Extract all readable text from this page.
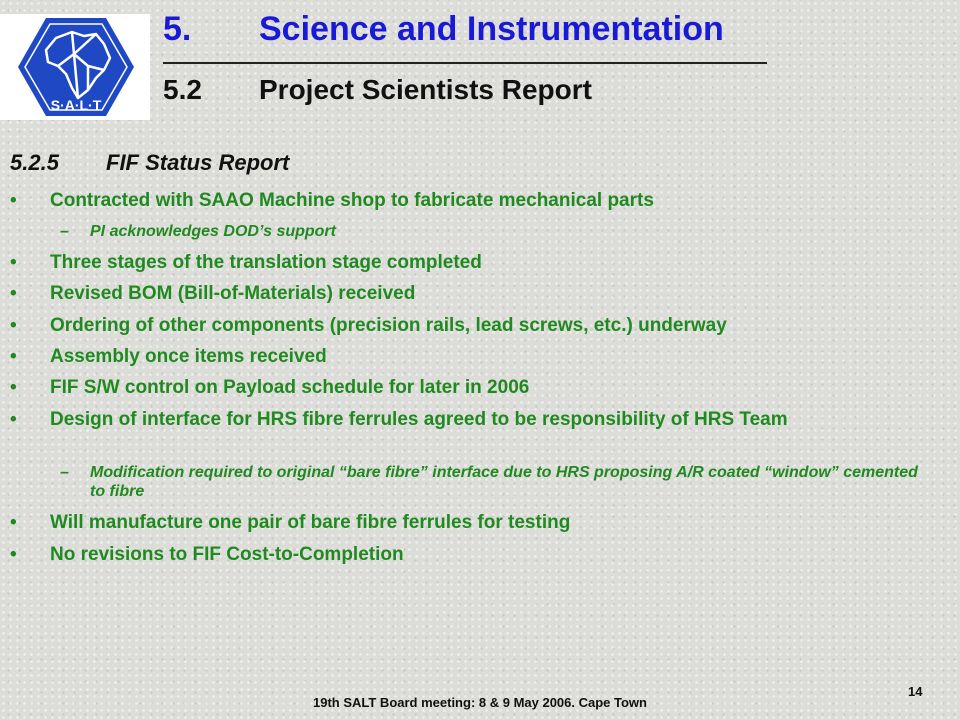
S·A·L·T
5. Science and Instrumentation
5.2 Project Scientists Report
5.2.5 FIF Status Report
• Contracted with SAAO Machine shop to fabricate mechanical parts
– PI acknowledges DOD’s support
• Three stages of the translation stage completed
• Revised BOM (Bill-of-Materials) received
• Ordering of other components (precision rails, lead screws, etc.) underway
• Assembly once items received
• FIF S/W control on Payload schedule for later in 2006
• Design of interface for HRS fibre ferrules agreed to be responsibility of HRS Team
– Modification required to original “bare fibre” interface due to HRS proposing A/R coated “window” cemented to fibre
• Will manufacture one pair of bare fibre ferrules for testing
• No revisions to FIF Cost-to-Completion
19th SALT Board meeting: 8 & 9 May 2006. Cape Town
14
